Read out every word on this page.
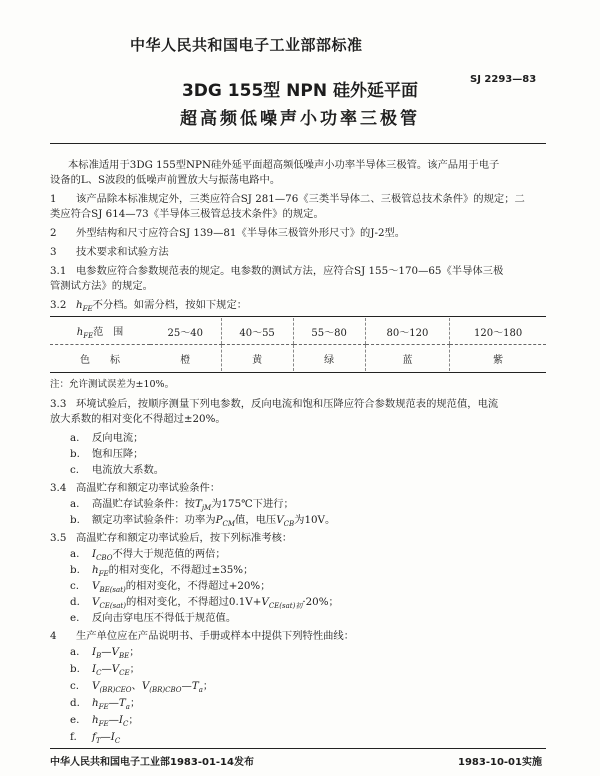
中华人民共和国电子工业部部标准
SJ 2293—83
3DG 155型 NPN 硅外延平面
超高频低噪声小功率三极管
本标准适用于3DG 155型NPN硅外延平面超高频低噪声小功率半导体三极管。该产品用于电子
设备的L、S波段的低噪声前置放大与振荡电路中。
1 该产品除本标准规定外，三类应符合SJ 281—76《三类半导体二、三极管总技术条件》的规定；二
类应符合SJ 614—73《半导体三极管总技术条件》的规定。
2 外型结构和尺寸应符合SJ 139—81《半导体三极管外形尺寸》的J-2型。
3 技术要求和试验方法
3.1 电参数应符合参数规范表的规定。电参数的测试方法，应符合SJ 155～170—65《半导体三极
管测试方法》的规定。
3.2 $h_{FE}$不分档。如需分档，按如下规定：
$h_{FE}$范　围	25～40	40～55	55～80	80～120	120～180
色　　标	橙	黄	绿	蓝	紫
注：允许测试误差为±10%。
3.3 环境试验后，按顺序测量下列电参数，反向电流和饱和压降应符合参数规范表的规范值，电流
放大系数的相对变化不得超过±20%。
a. 反向电流；
b. 饱和压降；
c. 电流放大系数。
3.4 高温贮存和额定功率试验条件：
a. 高温贮存试验条件：按$T_{jM}$为175℃下进行；
b. 额定功率试验条件：功率为$P_{CM}$值，电压$V_{CB}$为10V。
3.5 高温贮存和额定功率试验后，按下列标准考核：
a. $I_{CBO}$不得大于规范值的两倍；
b. $h_{FE}$的相对变化，不得超过±35%；
c. $V_{BE(sat)}$的相对变化，不得超过+20%；
d. $V_{CE(sat)}$的相对变化，不得超过$0.1V+V_{CE(sat)初}\cdot 20\%$；
e. 反向击穿电压不得低于规范值。
4 生产单位应在产品说明书、手册或样本中提供下列特性曲线：
a. $I_B—V_{BE}$；
b. $I_C—V_{CE}$；
c. $V_{(BR)CEO}$、$V_{(BR)CBO}—T_a$；
d. $h_{FE}—T_a$；
e. $h_{FE}—I_C$；
f. $f_T—I_C$
中华人民共和国电子工业部1983-01-14发布	1983-10-01实施
